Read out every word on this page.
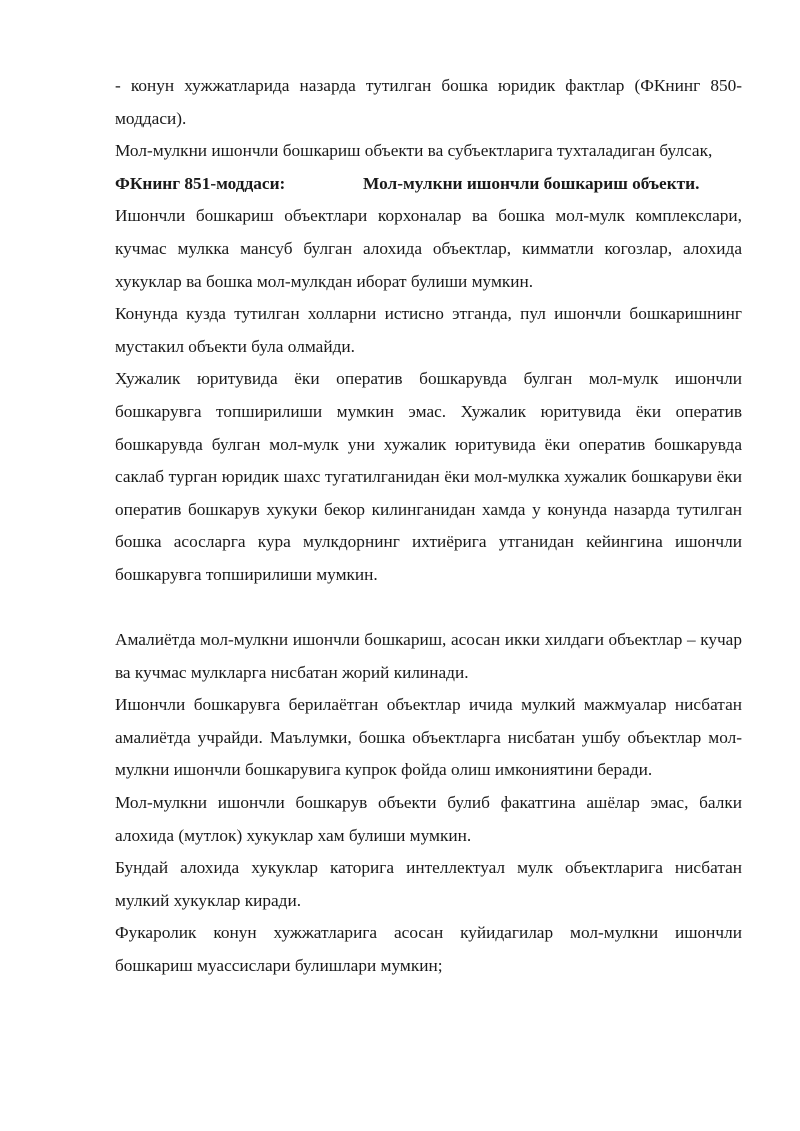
- конун хужжатларида назарда тутилган бошка юридик фактлар (ФКнинг 850-моддаси).

Мол-мулкни ишончли бошкариш объекти ва субъектларига тухталадиган булсак,

ФКнинг 851-моддаси:	Мол-мулкни ишончли бошкариш объекти.

Ишончли бошкариш объектлари корхоналар ва бошка мол-мулк комплекслари, кучмас мулкка мансуб булган алохида объектлар, кимматли когозлар, алохида хукуклар ва бошка мол-мулкдан иборат булиши мумкин.

Конунда кузда тутилган холларни истисно этганда, пул ишончли бошкаришнинг мустакил объекти була олмайди.

Хужалик юритувида ёки оператив бошкарувда булган мол-мулк ишончли бошкарувга топширилиши мумкин эмас. Хужалик юритувида ёки оператив бошкарувда булган мол-мулк уни хужалик юритувида ёки оператив бошкарувда саклаб турган юридик шахс тугатилганидан ёки мол-мулкка хужалик бошкаруви ёки оператив бошкарув хукуки бекор килинганидан хамда у конунда назарда тутилган бошка асосларга кура мулкдорнинг ихтиёрига утганидан кейингина ишончли бошкарувга топширилиши мумкин.

Амалиётда мол-мулкни ишончли бошкариш, асосан икки хилдаги объектлар – кучар ва кучмас мулкларга нисбатан жорий килинади.

Ишончли бошкарувга берилаётган объектлар ичида мулкий мажмуалар нисбатан амалиётда учрайди. Маълумки, бошка объектларга нисбатан ушбу объектлар мол-мулкни ишончли бошкарувига купрок фойда олиш имкониятини беради.

Мол-мулкни ишончли бошкарув объекти булиб факатгина ашёлар эмас, балки алохида (мутлок) хукуклар хам булиши мумкин.

Бундай алохида хукуклар каторига интеллектуал мулк объектларига нисбатан мулкий хукуклар киради.

Фукаролик конун хужжатларига асосан куйидагилар мол-мулкни ишончли бошкариш муассислари булишлари мумкин;
